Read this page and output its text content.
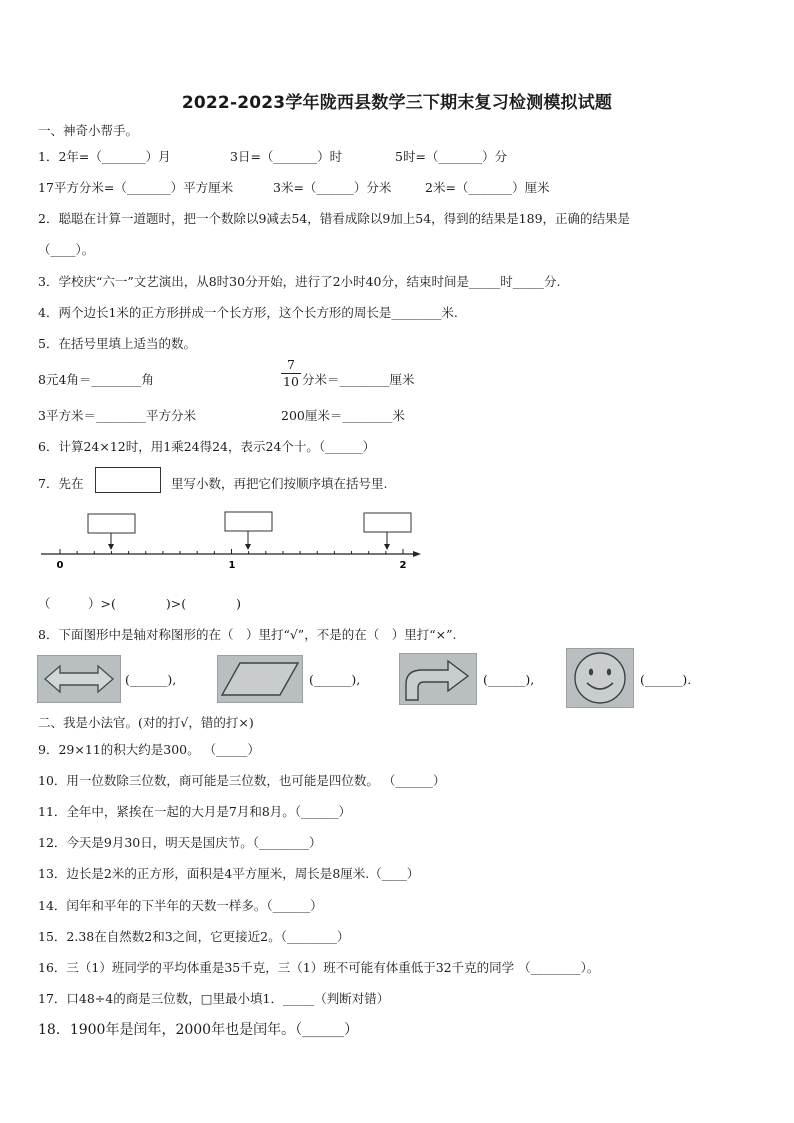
2022-2023学年陇西县数学三下期末复习检测模拟试题
一、神奇小帮手。
1．2年=（_______）月	3日=（_______）时	5时=（_______）分
17平方分米=（_______）平方厘米	3米=（______）分米	2米=（_______）厘米
2．聪聪在计算一道题时，把一个数除以9减去54，错看成除以9加上54，得到的结果是189，正确的结果是
（____）。
3．学校庆“六一”文艺演出，从8时30分开始，进行了2小时40分，结束时间是_____时_____分.
4．两个边长1米的正方形拼成一个长方形，这个长方形的周长是________米.
5．在括号里填上适当的数。
8元4角＝________角	$\frac{7}{10}$ 分米＝________厘米
3平方米＝________平方分米	200厘米＝________米
6．计算24×12时，用1乘24得24，表示24个十。（______）
7．先在	里写小数，再把它们按顺序填在括号里.
0	1	2
（　　　）>(　　　　)>(　　　　)
8．下面图形中是轴对称图形的在（　）里打“√”，不是的在（　）里打“×”.
(______),	(______),	(______),	(______).
二、我是小法官。(对的打√，错的打×)
9．29×11的积大约是300。 （_____）
10．用一位数除三位数，商可能是三位数，也可能是四位数。 （______）
11．全年中，紧挨在一起的大月是7月和8月。（______）
12．今天是9月30日，明天是国庆节。（________）
13．边长是2米的正方形，面积是4平方厘米，周长是8厘米.（____）
14．闰年和平年的下半年的天数一样多。（______）
15．2.38在自然数2和3之间，它更接近2。（________）
16．三（1）班同学的平均体重是35千克，三（1）班不可能有体重低于32千克的同学 （________）。
17．口48÷4的商是三位数，□里最小填1．_____（判断对错）
18．1900年是闰年，2000年也是闰年。（______）
